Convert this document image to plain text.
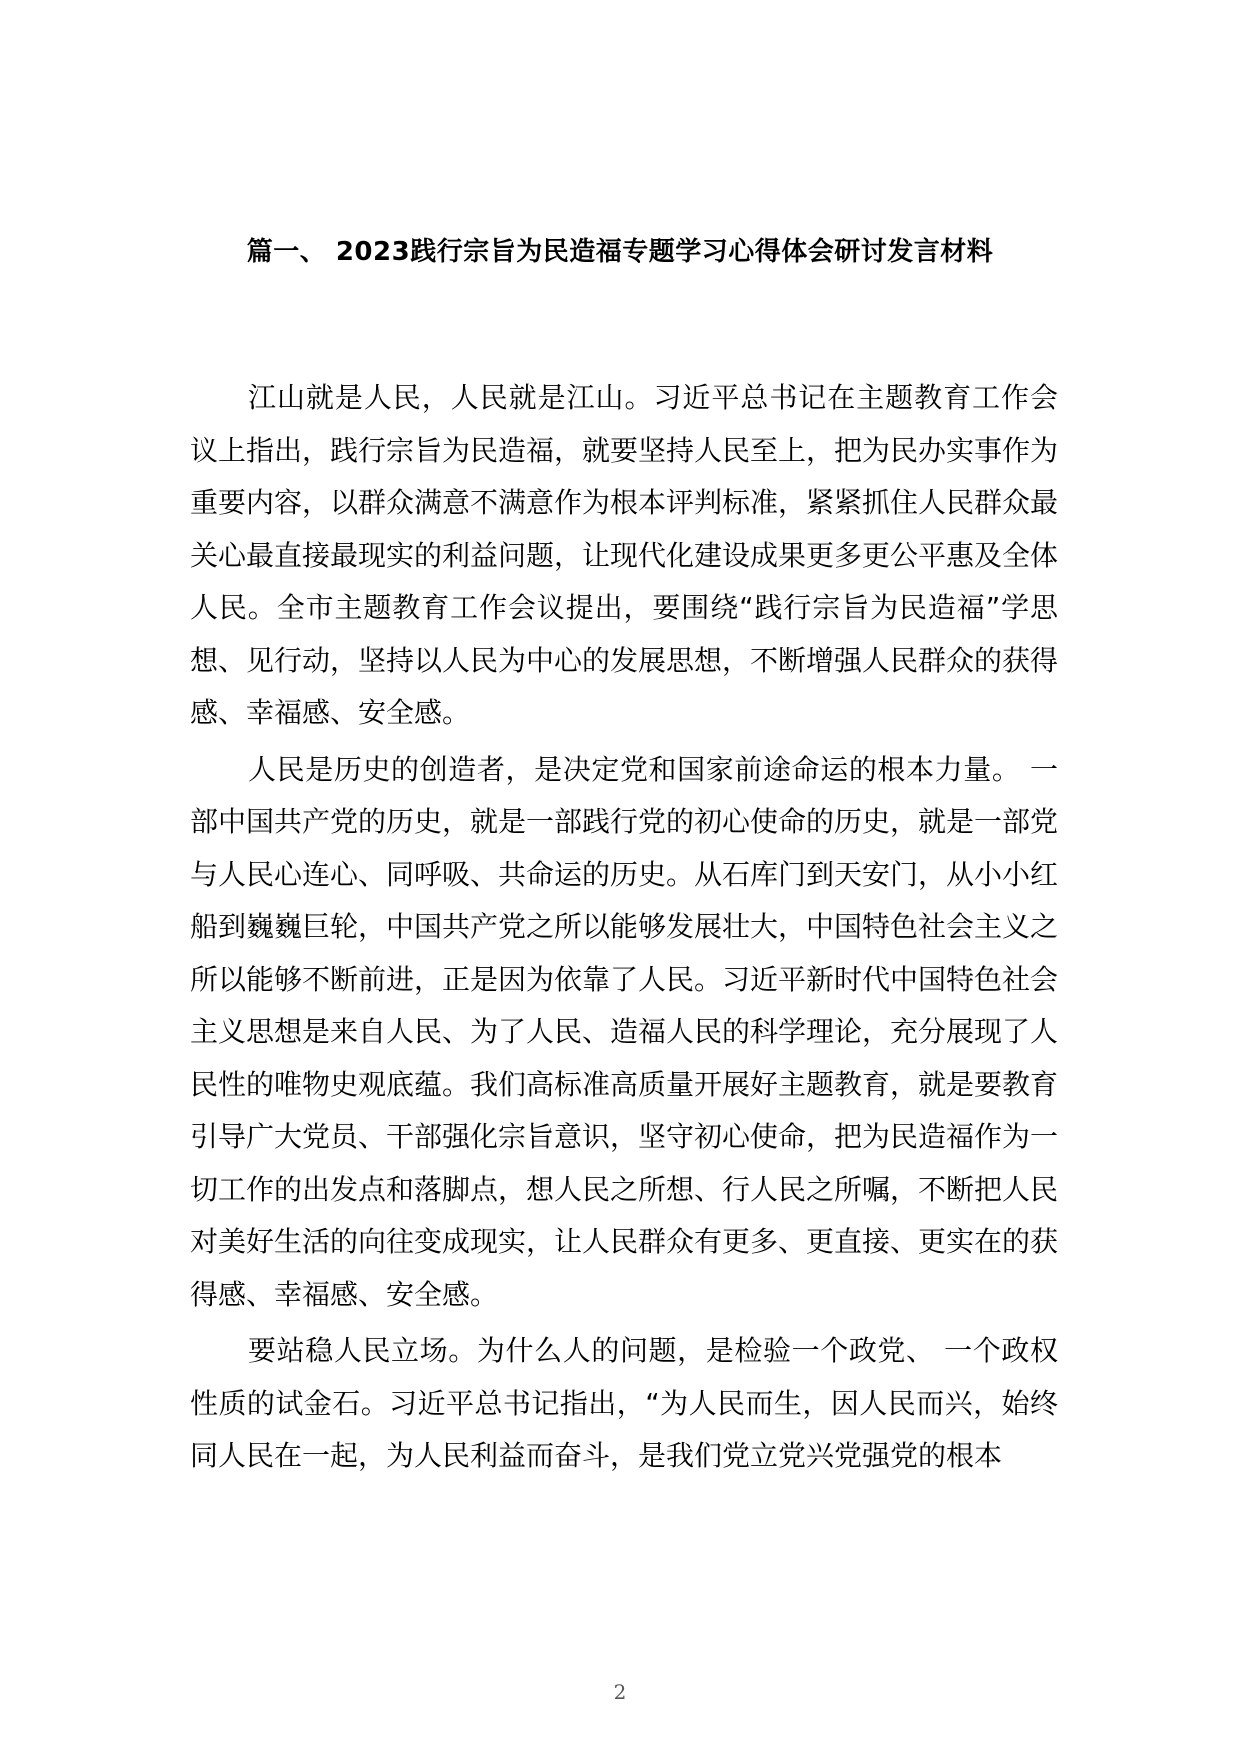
篇一、 2023践行宗旨为民造福专题学习心得体会研讨发言材料

江山就是人民，人民就是江山。习近平总书记在主题教育工作会议上指出，践行宗旨为民造福，就要坚持人民至上，把为民办实事作为重要内容，以群众满意不满意作为根本评判标准，紧紧抓住人民群众最关心最直接最现实的利益问题，让现代化建设成果更多更公平惠及全体人民。全市主题教育工作会议提出，要围绕“践行宗旨为民造福”学思想、见行动，坚持以人民为中心的发展思想，不断增强人民群众的获得感、幸福感、安全感。

人民是历史的创造者，是决定党和国家前途命运的根本力量。 一部中国共产党的历史，就是一部践行党的初心使命的历史，就是一部党与人民心连心、同呼吸、共命运的历史。从石库门到天安门，从小小红船到巍巍巨轮，中国共产党之所以能够发展壮大，中国特色社会主义之所以能够不断前进，正是因为依靠了人民。习近平新时代中国特色社会主义思想是来自人民、为了人民、造福人民的科学理论，充分展现了人民性的唯物史观底蕴。我们高标准高质量开展好主题教育，就是要教育引导广大党员、干部强化宗旨意识，坚守初心使命，把为民造福作为一切工作的出发点和落脚点，想人民之所想、行人民之所嘱，不断把人民对美好生活的向往变成现实，让人民群众有更多、更直接、更实在的获得感、幸福感、安全感。

要站稳人民立场。为什么人的问题，是检验一个政党、 一个政权性质的试金石。习近平总书记指出，“为人民而生，因人民而兴，始终同人民在一起，为人民利益而奋斗，是我们党立党兴党强党的根本

2
